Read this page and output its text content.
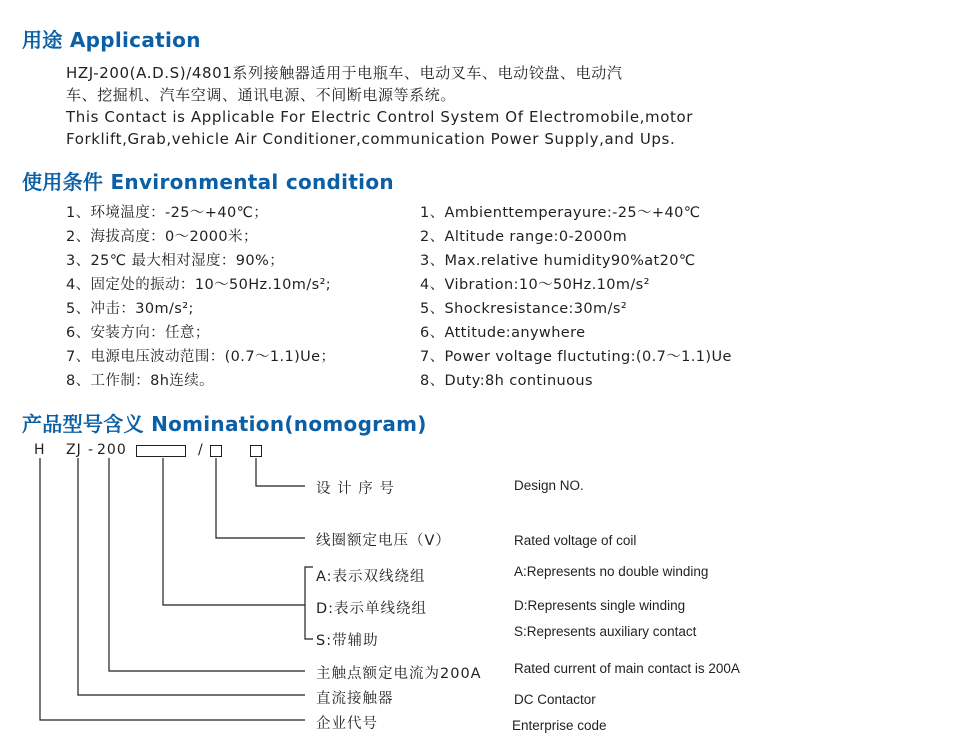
用途 Application
HZJ-200(A.D.S)/4801系列接触器适用于电瓶车、电动叉车、电动铰盘、电动汽
车、挖掘机、汽车空调、通讯电源、不间断电源等系统。
This Contact is Applicable For Electric Control System Of Electromobile,motor
Forklift,Grab,vehicle Air Conditioner,communication Power Supply,and Ups.
使用条件 Environmental condition
1、环境温度：-25～+40℃；
2、海拔高度：0～2000米；
3、25℃ 最大相对湿度：90%；
4、固定处的振动：10～50Hz.10m/s²;
5、冲击：30m/s²;
6、安装方向：任意；
7、电源电压波动范围：(0.7～1.1)Ue；
8、工作制：8h连续。
1、Ambienttemperayure:-25～+40℃
2、Altitude range:0-2000m
3、Max.relative humidity90%at20℃
4、Vibration:10～50Hz.10m/s²
5、Shockresistance:30m/s²
6、Attitude:anywhere
7、Power voltage fluctuting:(0.7～1.1)Ue
8、Duty:8h continuous
产品型号含义 Nomination(nomogram)
H ZJ - 200	/
设 计 序 号
线圈额定电压（V）
A:表示双线绕组
D:表示单线绕组
S:带辅助
主触点额定电流为200A
直流接触器
企业代号
Design NO.
Rated voltage of coil
A:Represents no double winding
D:Represents single winding
S:Represents auxiliary contact
Rated current of main contact is 200A
DC Contactor
Enterprise code
